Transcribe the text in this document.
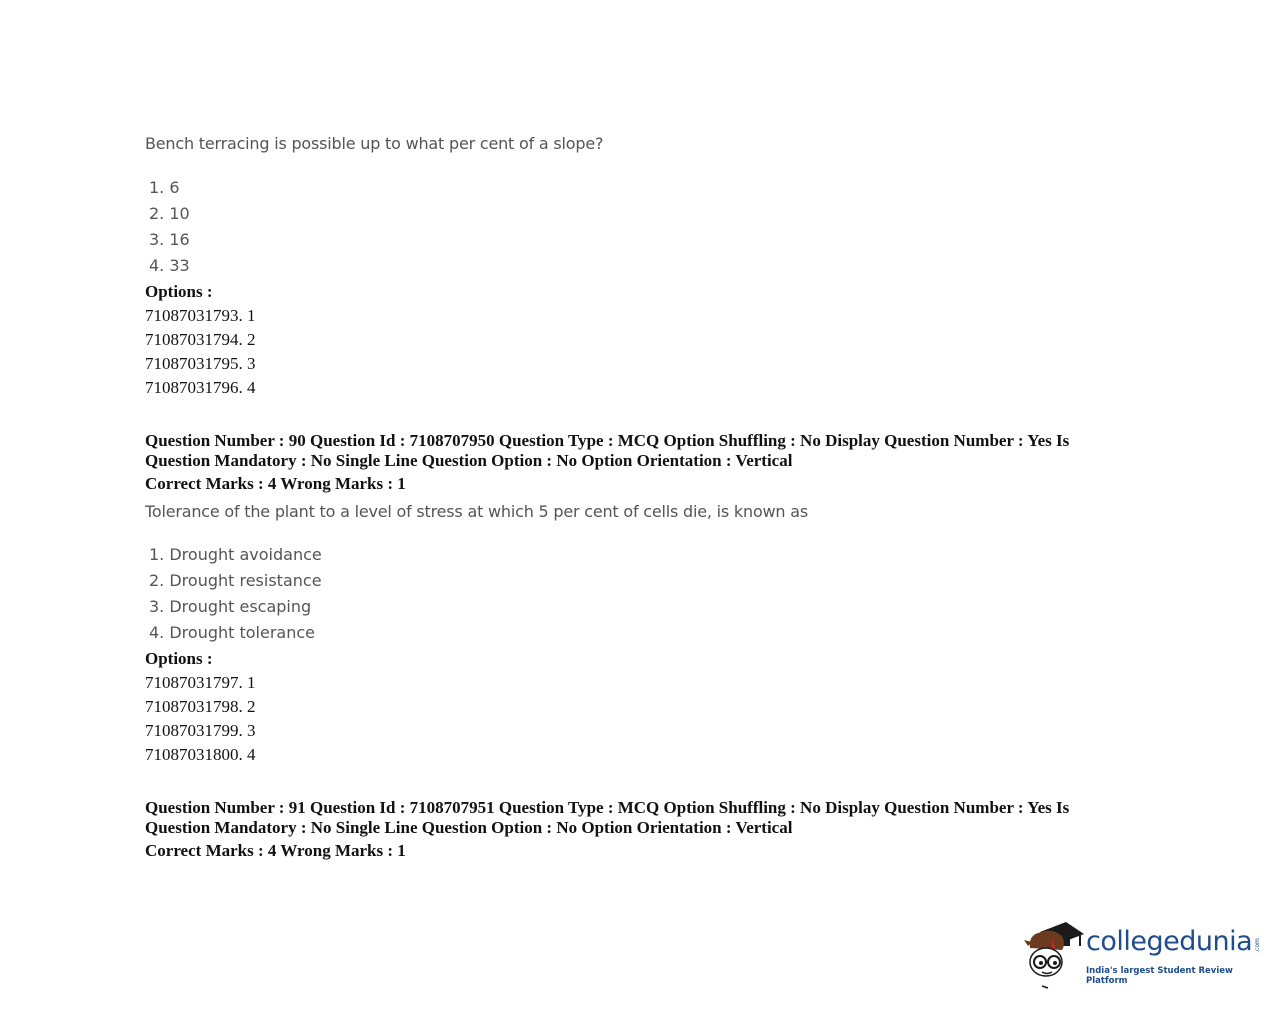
Bench terracing is possible up to what per cent of a slope?
1. 6
2. 10
3. 16
4. 33
Options :
71087031793. 1
71087031794. 2
71087031795. 3
71087031796. 4
Question Number : 90 Question Id : 7108707950 Question Type : MCQ Option Shuffling : No Display Question Number : Yes Is
Question Mandatory : No Single Line Question Option : No Option Orientation : Vertical
Correct Marks : 4 Wrong Marks : 1
Tolerance of the plant to a level of stress at which 5 per cent of cells die, is known as
1. Drought avoidance
2. Drought resistance
3. Drought escaping
4. Drought tolerance
Options :
71087031797. 1
71087031798. 2
71087031799. 3
71087031800. 4
Question Number : 91 Question Id : 7108707951 Question Type : MCQ Option Shuffling : No Display Question Number : Yes Is
Question Mandatory : No Single Line Question Option : No Option Orientation : Vertical
Correct Marks : 4 Wrong Marks : 1
collegedunia .com
India's largest Student Review Platform
